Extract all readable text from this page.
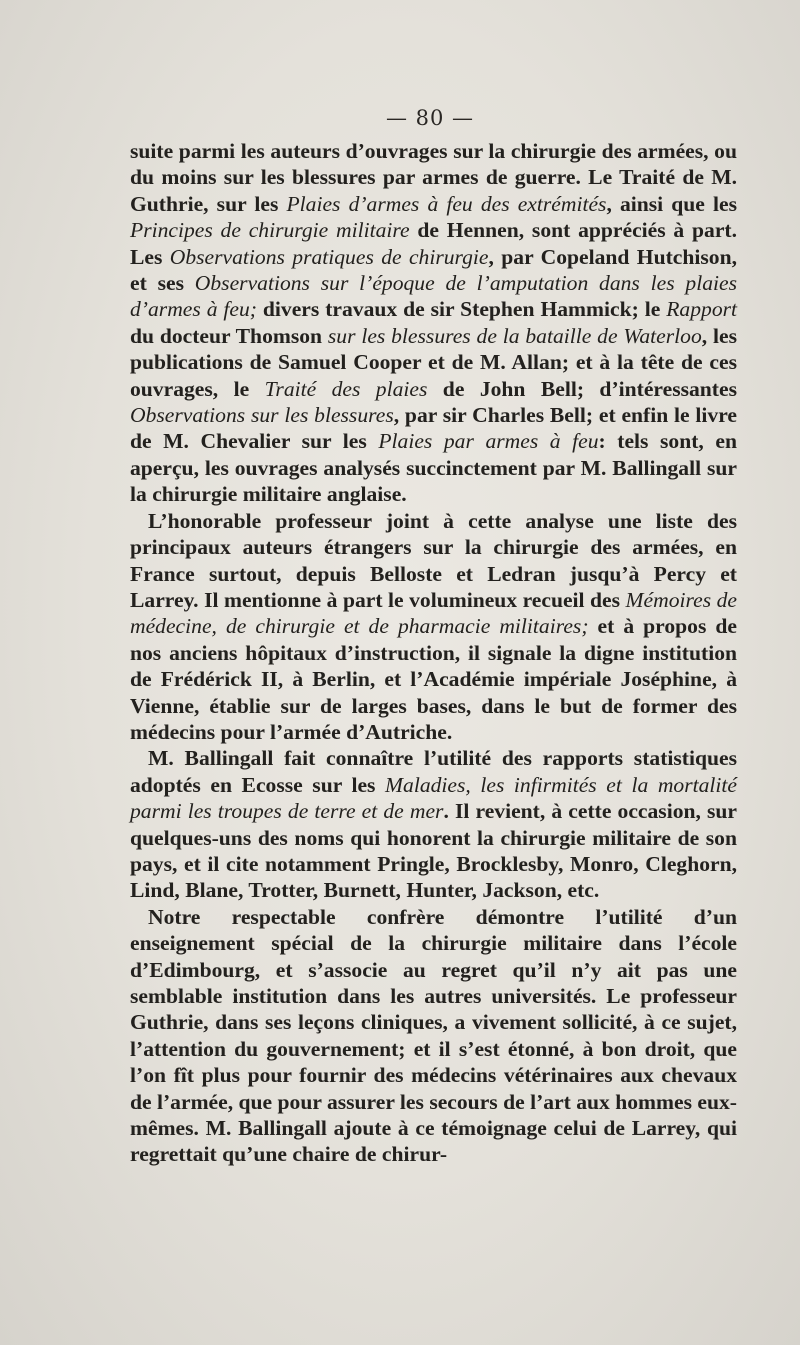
— 80 —

suite parmi les auteurs d’ouvrages sur la chirurgie des armées, ou du moins sur les blessures par armes de guerre. Le Traité de M. Guthrie, sur les Plaies d’armes à feu des extrémités, ainsi que les Principes de chirurgie militaire de Hennen, sont appréciés à part. Les Observations pratiques de chirurgie, par Copeland Hutchison, et ses Observations sur l’époque de l’amputation dans les plaies d’armes à feu; divers travaux de sir Stephen Hammick; le Rapport du docteur Thomson sur les blessures de la bataille de Waterloo, les publications de Samuel Cooper et de M. Allan; et à la tête de ces ouvrages, le Traité des plaies de John Bell; d’intéressantes Observations sur les blessures, par sir Charles Bell; et enfin le livre de M. Chevalier sur les Plaies par armes à feu: tels sont, en aperçu, les ouvrages analysés succinctement par M. Ballingall sur la chirurgie militaire anglaise.

L’honorable professeur joint à cette analyse une liste des principaux auteurs étrangers sur la chirurgie des armées, en France surtout, depuis Belloste et Ledran jusqu’à Percy et Larrey. Il mentionne à part le volumineux recueil des Mémoires de médecine, de chirurgie et de pharmacie militaires; et à propos de nos anciens hôpitaux d’instruction, il signale la digne institution de Frédérick II, à Berlin, et l’Académie impériale Joséphine, à Vienne, établie sur de larges bases, dans le but de former des médecins pour l’armée d’Autriche.

M. Ballingall fait connaître l’utilité des rapports statistiques adoptés en Ecosse sur les Maladies, les infirmités et la mortalité parmi les troupes de terre et de mer. Il revient, à cette occasion, sur quelques-uns des noms qui honorent la chirurgie militaire de son pays, et il cite notamment Pringle, Brocklesby, Monro, Cleghorn, Lind, Blane, Trotter, Burnett, Hunter, Jackson, etc.

Notre respectable confrère démontre l’utilité d’un enseignement spécial de la chirurgie militaire dans l’école d’Edimbourg, et s’associe au regret qu’il n’y ait pas une semblable institution dans les autres universités. Le professeur Guthrie, dans ses leçons cliniques, a vivement sollicité, à ce sujet, l’attention du gouvernement; et il s’est étonné, à bon droit, que l’on fît plus pour fournir des médecins vétérinaires aux chevaux de l’armée, que pour assurer les secours de l’art aux hommes eux-mêmes. M. Ballingall ajoute à ce témoignage celui de Larrey, qui regrettait qu’une chaire de chirur-
